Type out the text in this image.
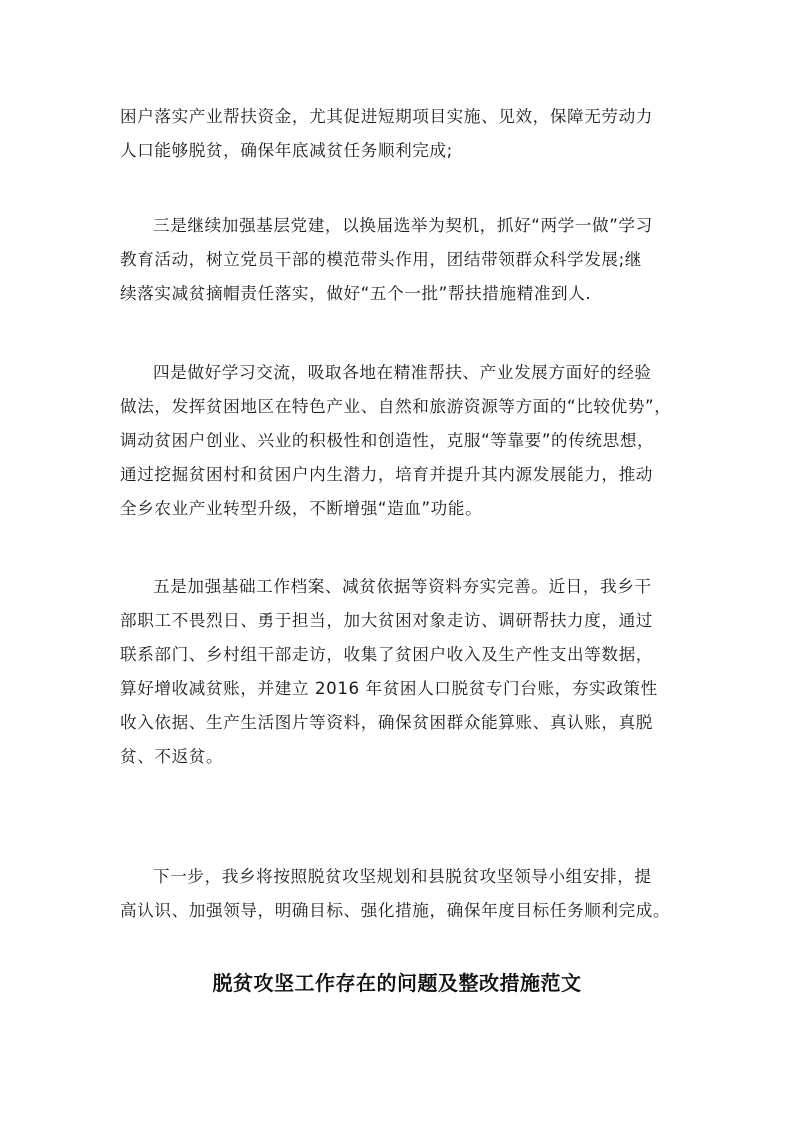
困户落实产业帮扶资金，尤其促进短期项目实施、见效，保障无劳动力
人口能够脱贫，确保年底减贫任务顺利完成;
三是继续加强基层党建，以换届选举为契机，抓好“两学一做”学习
教育活动，树立党员干部的模范带头作用，团结带领群众科学发展;继
续落实减贫摘帽责任落实，做好“五个一批”帮扶措施精准到人.
四是做好学习交流，吸取各地在精准帮扶、产业发展方面好的经验
做法，发挥贫困地区在特色产业、自然和旅游资源等方面的“比较优势”，
调动贫困户创业、兴业的积极性和创造性，克服“等靠要”的传统思想，
通过挖掘贫困村和贫困户内生潜力，培育并提升其内源发展能力，推动
全乡农业产业转型升级，不断增强“造血”功能。
五是加强基础工作档案、减贫依据等资料夯实完善。近日，我乡干
部职工不畏烈日、勇于担当，加大贫困对象走访、调研帮扶力度，通过
联系部门、乡村组干部走访，收集了贫困户收入及生产性支出等数据，
算好增收减贫账，并建立 2016 年贫困人口脱贫专门台账，夯实政策性
收入依据、生产生活图片等资料，确保贫困群众能算账、真认账，真脱
贫、不返贫。
下一步，我乡将按照脱贫攻坚规划和县脱贫攻坚领导小组安排，提
高认识、加强领导，明确目标、强化措施，确保年度目标任务顺利完成。
脱贫攻坚工作存在的问题及整改措施范文
